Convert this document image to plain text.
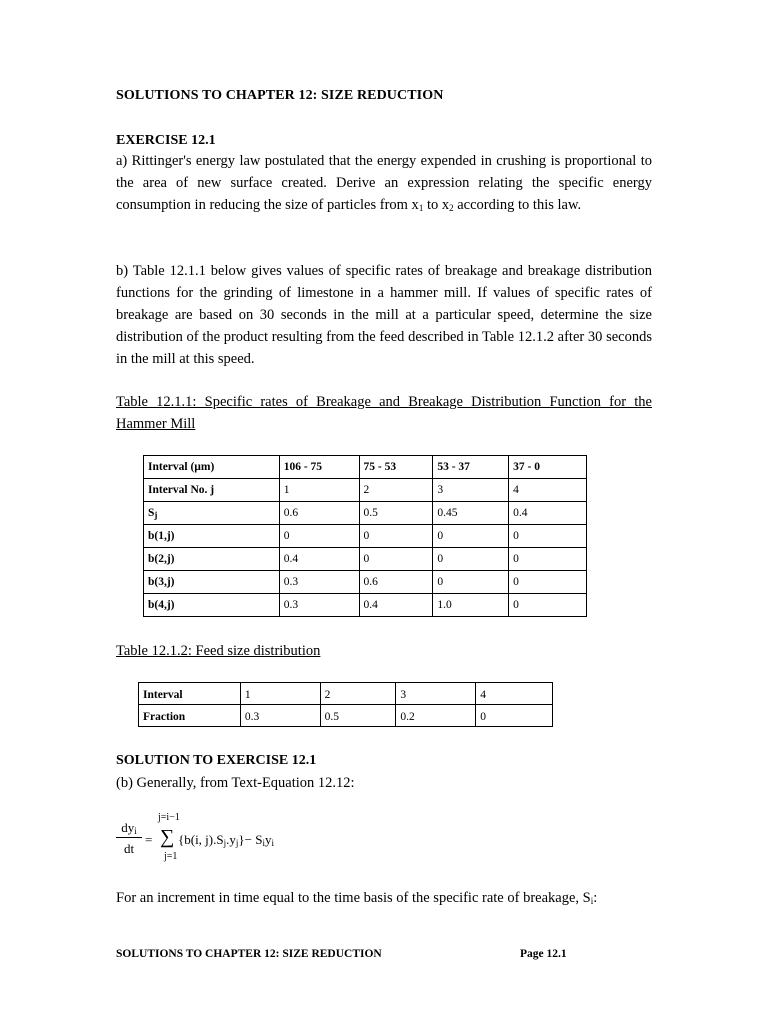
SOLUTIONS TO CHAPTER 12: SIZE REDUCTION
EXERCISE 12.1
a) Rittinger's energy law postulated that the energy expended in crushing is proportional to the area of new surface created. Derive an expression relating the specific energy consumption in reducing the size of particles from $x_1$ to $x_2$ according to this law.
b) Table 12.1.1 below gives values of specific rates of breakage and breakage distribution functions for the grinding of limestone in a hammer mill. If values of specific rates of breakage are based on 30 seconds in the mill at a particular speed, determine the size distribution of the product resulting from the feed described in Table 12.1.2 after 30 seconds in the mill at this speed.
Table 12.1.1: Specific rates of Breakage and Breakage Distribution Function for the Hammer Mill
Interval (µm)	106 - 75	75 - 53	53 - 37	37 - 0
Interval No. j	1	2	3	4
$S_j$	0.6	0.5	0.45	0.4
b(1,j)	0	0	0	0
b(2,j)	0.4	0	0	0
b(3,j)	0.3	0.6	0	0
b(4,j)	0.3	0.4	1.0	0
Table 12.1.2: Feed size distribution
Interval	1	2	3	4
Fraction	0.3	0.5	0.2	0
SOLUTION TO EXERCISE 12.1
(b) Generally, from Text-Equation 12.12:
$dy_i$
dt
=
j=i−1
∑
j=1
{b(i, $j).S_j.y_j\}- S_iy_i$
For an increment in time equal to the time basis of the specific rate of breakage, $S_i$:
SOLUTIONS TO CHAPTER 12: SIZE REDUCTION	Page 12.1
